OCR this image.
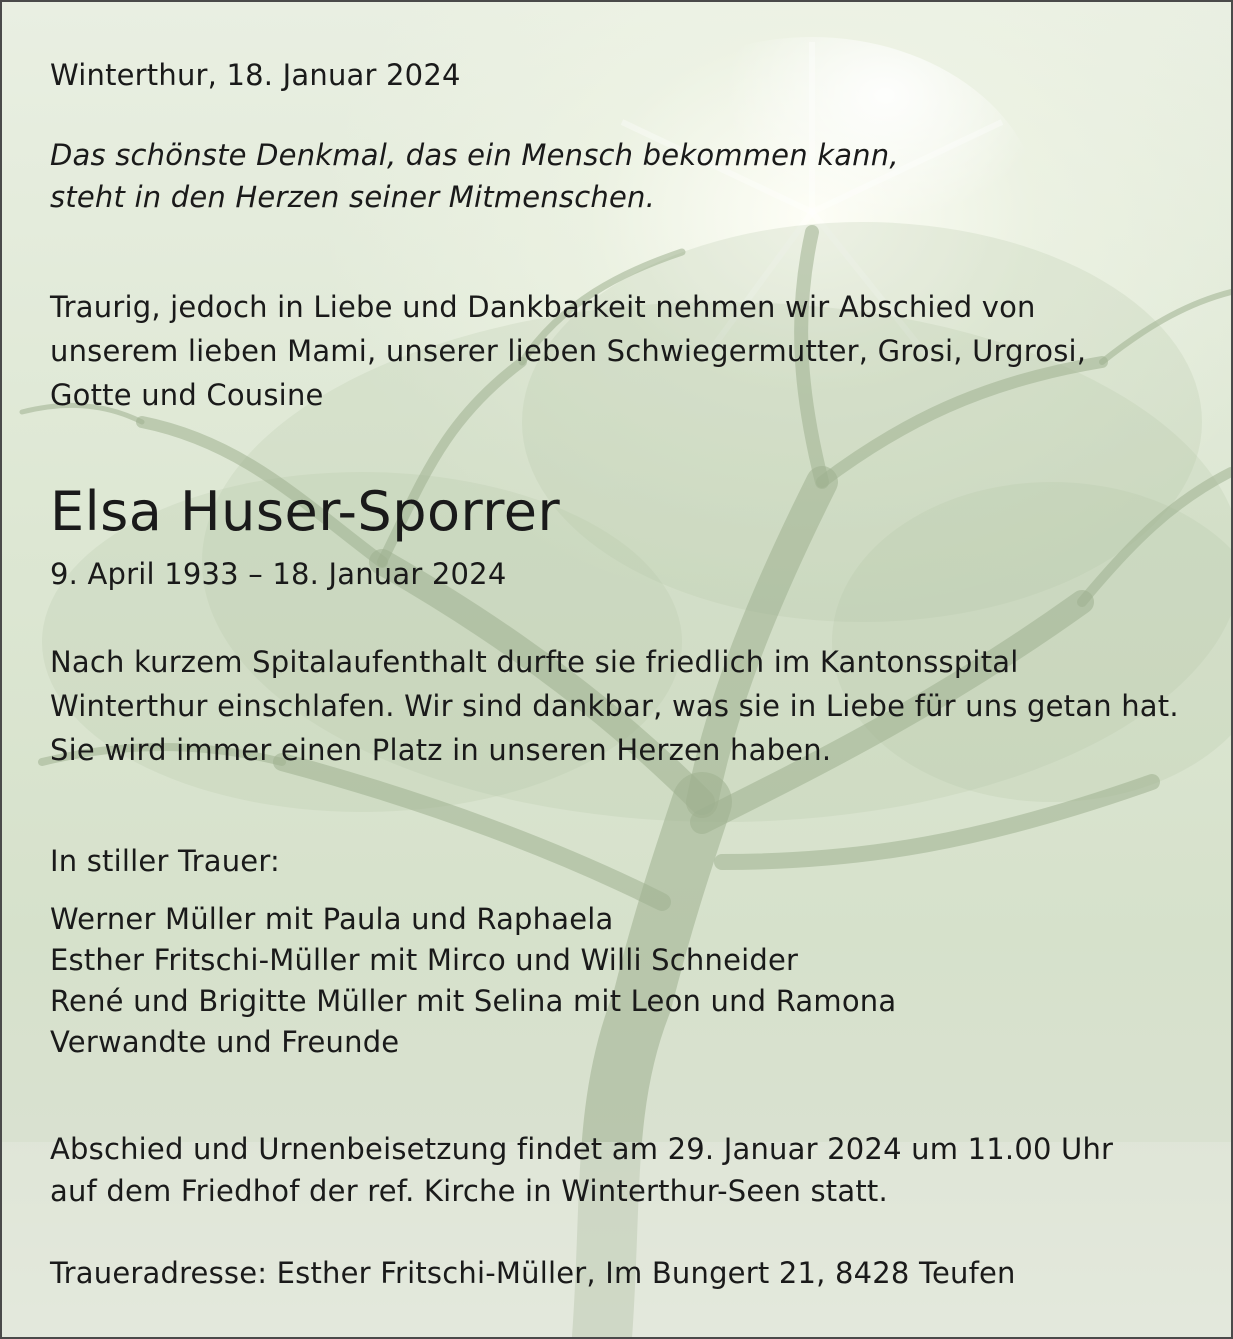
Winterthur, 18. Januar 2024
Das schönste Denkmal, das ein Mensch bekommen kann,
steht in den Herzen seiner Mitmenschen.
Traurig, jedoch in Liebe und Dankbarkeit nehmen wir Abschied von
unserem lieben Mami, unserer lieben Schwiegermutter, Grosi, Urgrosi,
Gotte und Cousine
Elsa Huser-Sporrer
9. April 1933 – 18. Januar 2024
Nach kurzem Spitalaufenthalt durfte sie friedlich im Kantonsspital
Winterthur einschlafen. Wir sind dankbar, was sie in Liebe für uns getan hat.
Sie wird immer einen Platz in unseren Herzen haben.
In stiller Trauer:
Werner Müller mit Paula und Raphaela
Esther Fritschi-Müller mit Mirco und Willi Schneider
René und Brigitte Müller mit Selina mit Leon und Ramona
Verwandte und Freunde
Abschied und Urnenbeisetzung findet am 29. Januar 2024 um 11.00 Uhr
auf dem Friedhof der ref. Kirche in Winterthur-Seen statt.
Traueradresse: Esther Fritschi-Müller, Im Bungert 21, 8428 Teufen
